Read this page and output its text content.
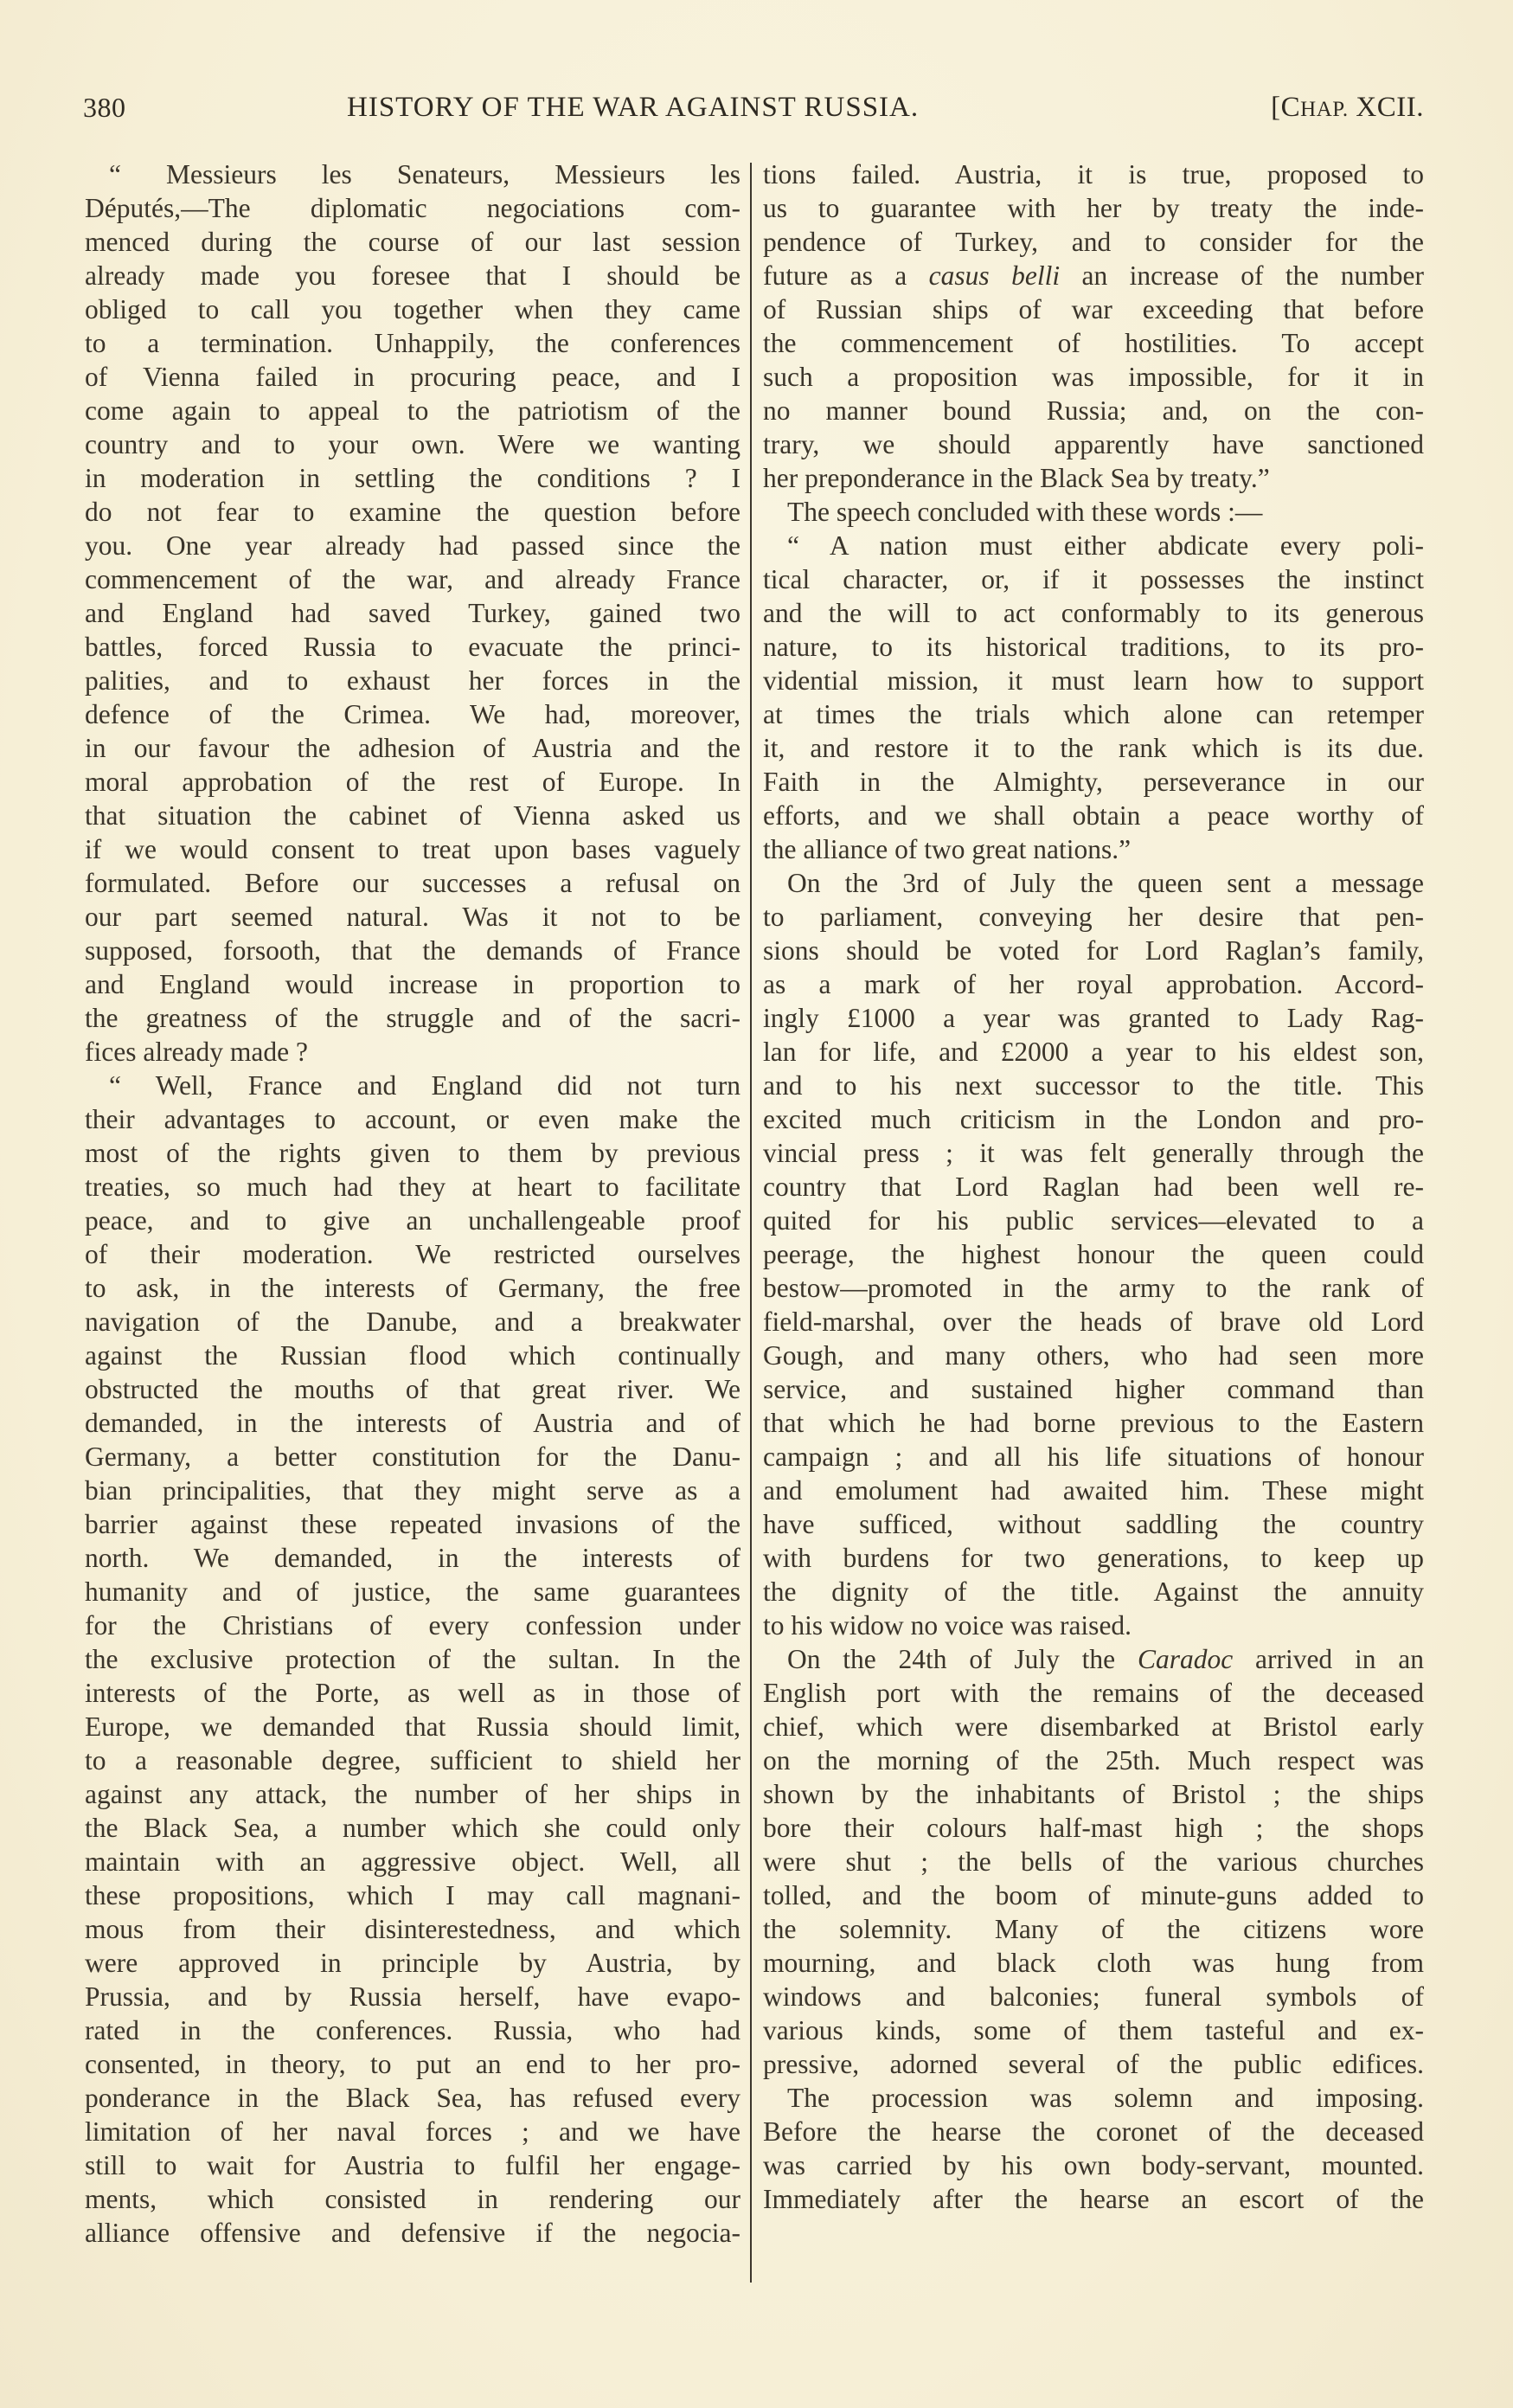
380	HISTORY OF THE WAR AGAINST RUSSIA.	[CHAP. XCII.
“ Messieurs les Senateurs, Messieurs les
Députés,—The diplomatic negociations com-
menced during the course of our last session
already made you foresee that I should be
obliged to call you together when they came
to a termination. Unhappily, the conferences
of Vienna failed in procuring peace, and I
come again to appeal to the patriotism of the
country and to your own. Were we wanting
in moderation in settling the conditions ? I
do not fear to examine the question before
you. One year already had passed since the
commencement of the war, and already France
and England had saved Turkey, gained two
battles, forced Russia to evacuate the princi-
palities, and to exhaust her forces in the
defence of the Crimea. We had, moreover,
in our favour the adhesion of Austria and the
moral approbation of the rest of Europe. In
that situation the cabinet of Vienna asked us
if we would consent to treat upon bases vaguely
formulated. Before our successes a refusal on
our part seemed natural. Was it not to be
supposed, forsooth, that the demands of France
and England would increase in proportion to
the greatness of the struggle and of the sacri-
fices already made ?
“ Well, France and England did not turn
their advantages to account, or even make the
most of the rights given to them by previous
treaties, so much had they at heart to facilitate
peace, and to give an unchallengeable proof
of their moderation. We restricted ourselves
to ask, in the interests of Germany, the free
navigation of the Danube, and a breakwater
against the Russian flood which continually
obstructed the mouths of that great river. We
demanded, in the interests of Austria and of
Germany, a better constitution for the Danu-
bian principalities, that they might serve as a
barrier against these repeated invasions of the
north. We demanded, in the interests of
humanity and of justice, the same guarantees
for the Christians of every confession under
the exclusive protection of the sultan. In the
interests of the Porte, as well as in those of
Europe, we demanded that Russia should limit,
to a reasonable degree, sufficient to shield her
against any attack, the number of her ships in
the Black Sea, a number which she could only
maintain with an aggressive object. Well, all
these propositions, which I may call magnani-
mous from their disinterestedness, and which
were approved in principle by Austria, by
Prussia, and by Russia herself, have evapo-
rated in the conferences. Russia, who had
consented, in theory, to put an end to her pro-
ponderance in the Black Sea, has refused every
limitation of her naval forces ; and we have
still to wait for Austria to fulfil her engage-
ments, which consisted in rendering our
alliance offensive and defensive if the negocia-
tions failed. Austria, it is true, proposed to
us to guarantee with her by treaty the inde-
pendence of Turkey, and to consider for the
future as a casus belli an increase of the number
of Russian ships of war exceeding that before
the commencement of hostilities. To accept
such a proposition was impossible, for it in
no manner bound Russia; and, on the con-
trary, we should apparently have sanctioned
her preponderance in the Black Sea by treaty.”
The speech concluded with these words :—
“ A nation must either abdicate every poli-
tical character, or, if it possesses the instinct
and the will to act conformably to its generous
nature, to its historical traditions, to its pro-
vidential mission, it must learn how to support
at times the trials which alone can retemper
it, and restore it to the rank which is its due.
Faith in the Almighty, perseverance in our
efforts, and we shall obtain a peace worthy of
the alliance of two great nations.”
On the 3rd of July the queen sent a message
to parliament, conveying her desire that pen-
sions should be voted for Lord Raglan’s family,
as a mark of her royal approbation. Accord-
ingly £1000 a year was granted to Lady Rag-
lan for life, and £2000 a year to his eldest son,
and to his next successor to the title. This
excited much criticism in the London and pro-
vincial press ; it was felt generally through the
country that Lord Raglan had been well re-
quited for his public services—elevated to a
peerage, the highest honour the queen could
bestow—promoted in the army to the rank of
field-marshal, over the heads of brave old Lord
Gough, and many others, who had seen more
service, and sustained higher command than
that which he had borne previous to the Eastern
campaign ; and all his life situations of honour
and emolument had awaited him. These might
have sufficed, without saddling the country
with burdens for two generations, to keep up
the dignity of the title. Against the annuity
to his widow no voice was raised.
On the 24th of July the Caradoc arrived in an
English port with the remains of the deceased
chief, which were disembarked at Bristol early
on the morning of the 25th. Much respect was
shown by the inhabitants of Bristol ; the ships
bore their colours half-mast high ; the shops
were shut ; the bells of the various churches
tolled, and the boom of minute-guns added to
the solemnity. Many of the citizens wore
mourning, and black cloth was hung from
windows and balconies; funeral symbols of
various kinds, some of them tasteful and ex-
pressive, adorned several of the public edifices.
The procession was solemn and imposing.
Before the hearse the coronet of the deceased
was carried by his own body-servant, mounted.
Immediately after the hearse an escort of the
